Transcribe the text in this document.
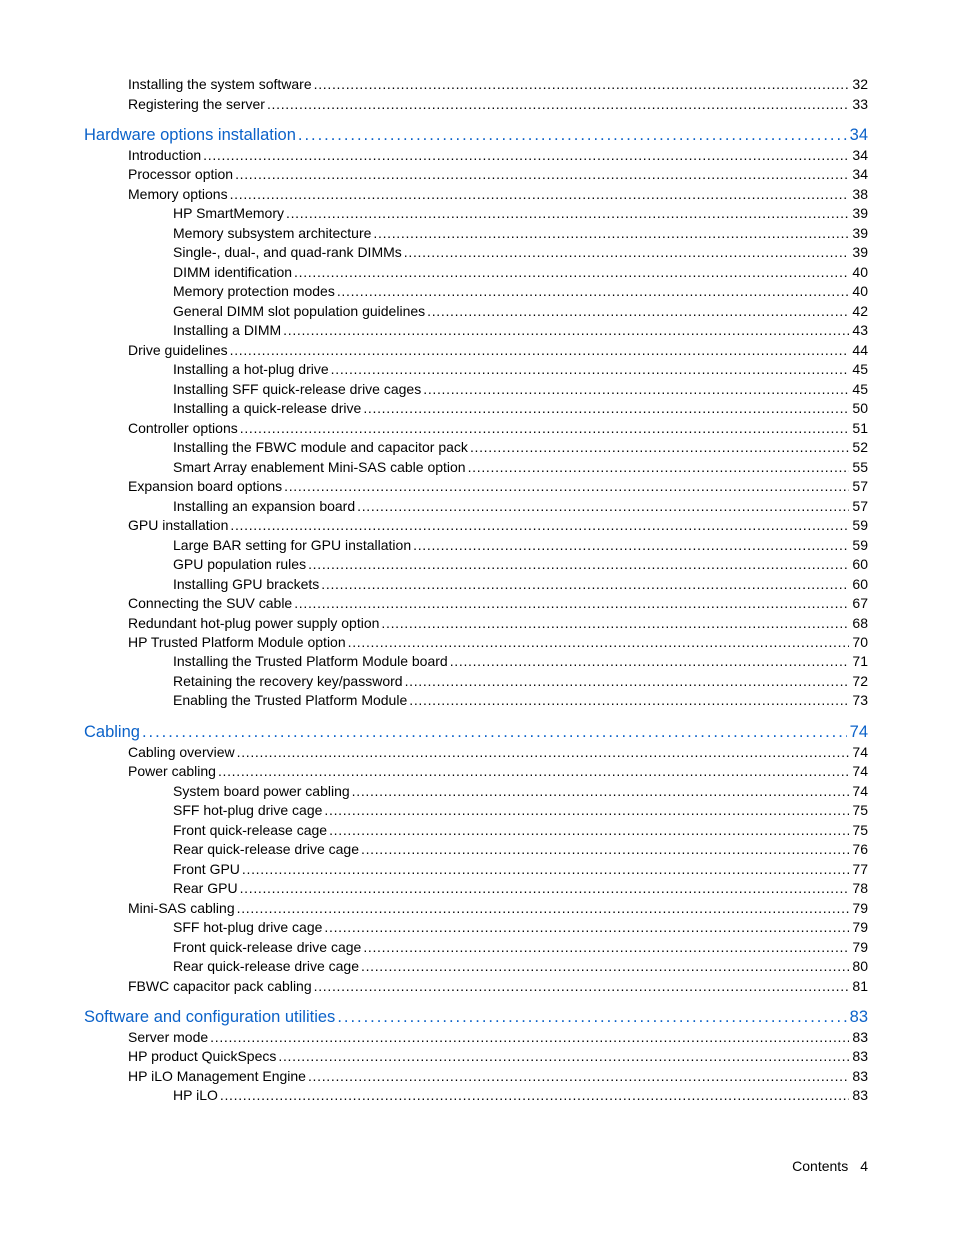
Installing the system software . . .	32
Registering the server . . .	33
Hardware options installation . . .	34
Introduction . . .	34
Processor option . . .	34
Memory options . . .	38
HP SmartMemory . . .	39
Memory subsystem architecture . . .	39
Single-, dual-, and quad-rank DIMMs . . .	39
DIMM identification . . .	40
Memory protection modes . . .	40
General DIMM slot population guidelines . . .	42
Installing a DIMM . . .	43
Drive guidelines . . .	44
Installing a hot-plug drive . . .	45
Installing SFF quick-release drive cages . . .	45
Installing a quick-release drive . . .	50
Controller options . . .	51
Installing the FBWC module and capacitor pack . . .	52
Smart Array enablement Mini-SAS cable option . . .	55
Expansion board options . . .	57
Installing an expansion board . . .	57
GPU installation . . .	59
Large BAR setting for GPU installation . . .	59
GPU population rules . . .	60
Installing GPU brackets . . .	60
Connecting the SUV cable . . .	67
Redundant hot-plug power supply option . . .	68
HP Trusted Platform Module option . . .	70
Installing the Trusted Platform Module board . . .	71
Retaining the recovery key/password . . .	72
Enabling the Trusted Platform Module . . .	73
Cabling . . .	74
Cabling overview . . .	74
Power cabling . . .	74
System board power cabling . . .	74
SFF hot-plug drive cage . . .	75
Front quick-release cage . . .	75
Rear quick-release drive cage . . .	76
Front GPU . . .	77
Rear GPU . . .	78
Mini-SAS cabling . . .	79
SFF hot-plug drive cage . . .	79
Front quick-release drive cage . . .	79
Rear quick-release drive cage . . .	80
FBWC capacitor pack cabling . . .	81
Software and configuration utilities . . .	83
Server mode . . .	83
HP product QuickSpecs . . .	83
HP iLO Management Engine . . .	83
HP iLO . . .	83
Contents 4
